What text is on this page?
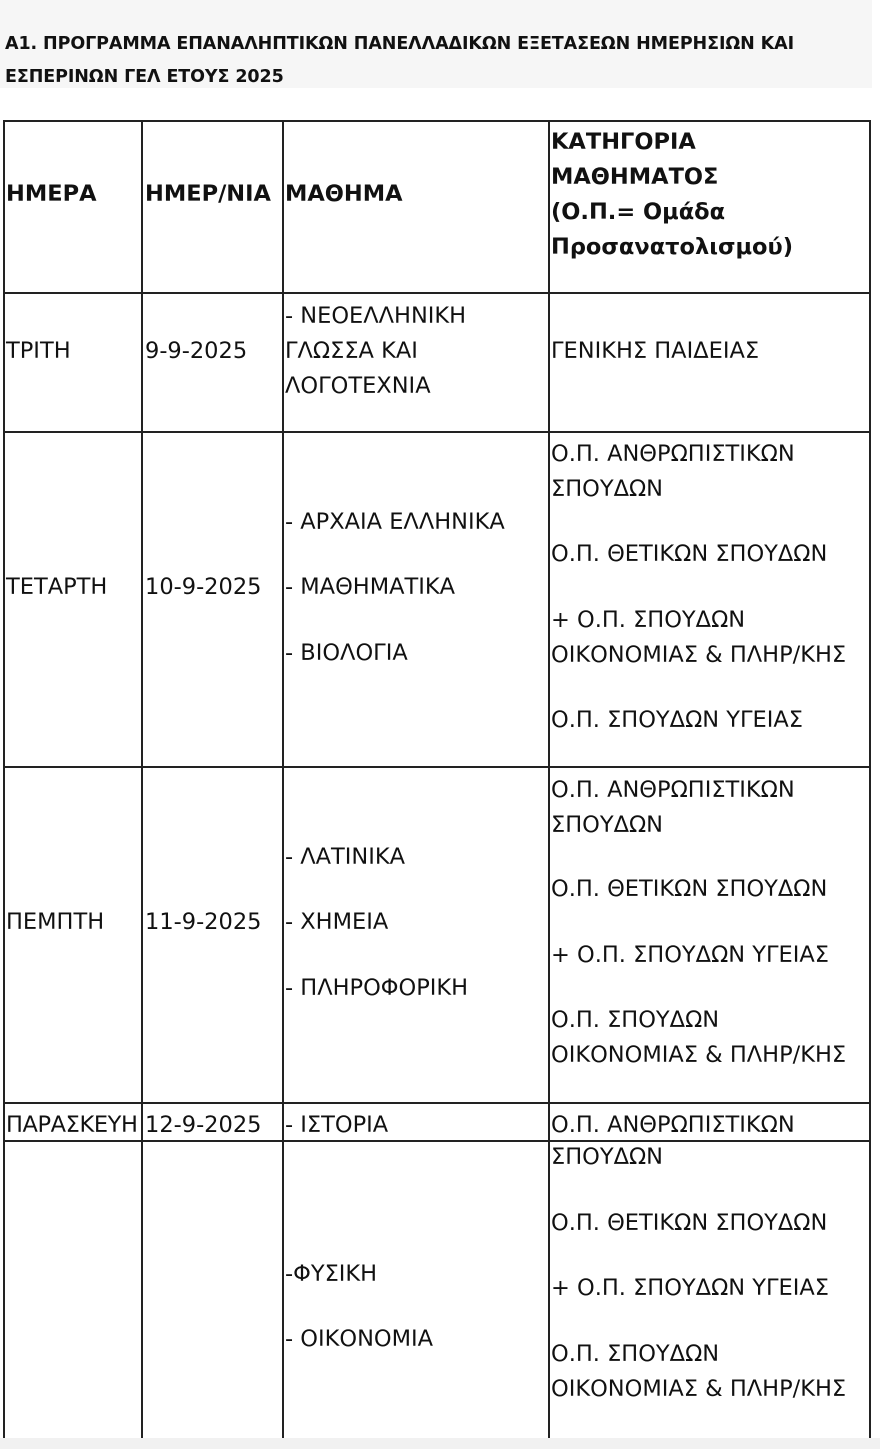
Α1. ΠΡΟΓΡΑΜΜΑ ΕΠΑΝΑΛΗΠΤΙΚΩΝ ΠΑΝΕΛΛΑΔΙΚΩΝ ΕΞΕΤΑΣΕΩΝ ΗΜΕΡΗΣΙΩΝ ΚΑΙ ΕΣΠΕΡΙΝΩΝ ΓΕΛ ΕΤΟΥΣ 2025
ΗΜΕΡΑ ΗΜΕΡ/ΝΙΑ ΜΑΘΗΜΑ
ΚΑΤΗΓΟΡΙΑ
ΜΑΘΗΜΑΤΟΣ
(Ο.Π.= Ομάδα
Προσανατολισμού)
ΤΡΙΤΗ	9-9-2025
- ΝΕΟΕΛΛΗΝΙΚΗ
ΓΛΩΣΣΑ ΚΑΙ
ΛΟΓΟΤΕΧΝΙΑ
ΓΕΝΙΚΗΣ ΠΑΙΔΕΙΑΣ
ΤΕΤΑΡΤΗ 10-9-2025
- ΑΡΧΑΙΑ ΕΛΛΗΝΙΚΑ
- ΜΑΘΗΜΑΤΙΚΑ
- ΒΙΟΛΟΓΙΑ
Ο.Π. ΑΝΘΡΩΠΙΣΤΙΚΩΝ
ΣΠΟΥΔΩΝ
Ο.Π. ΘΕΤΙΚΩΝ ΣΠΟΥΔΩΝ
+ Ο.Π. ΣΠΟΥΔΩΝ
ΟΙΚΟΝΟΜΙΑΣ & ΠΛΗΡ/ΚΗΣ
Ο.Π. ΣΠΟΥΔΩΝ ΥΓΕΙΑΣ
ΠΕΜΠΤΗ 11-9-2025
- ΛΑΤΙΝΙΚΑ
- ΧΗΜΕΙΑ
- ΠΛΗΡΟΦΟΡΙΚΗ
Ο.Π. ΑΝΘΡΩΠΙΣΤΙΚΩΝ
ΣΠΟΥΔΩΝ
Ο.Π. ΘΕΤΙΚΩΝ ΣΠΟΥΔΩΝ
+ Ο.Π. ΣΠΟΥΔΩΝ ΥΓΕΙΑΣ
Ο.Π. ΣΠΟΥΔΩΝ
ΟΙΚΟΝΟΜΙΑΣ & ΠΛΗΡ/ΚΗΣ
ΠΑΡΑΣΚΕΥΗ 12-9-2025 - ΙΣΤΟΡΙΑ
-ΦΥΣΙΚΗ
- ΟΙΚΟΝΟΜΙΑ
Ο.Π. ΑΝΘΡΩΠΙΣΤΙΚΩΝ
ΣΠΟΥΔΩΝ
Ο.Π. ΘΕΤΙΚΩΝ ΣΠΟΥΔΩΝ
+ Ο.Π. ΣΠΟΥΔΩΝ ΥΓΕΙΑΣ
Ο.Π. ΣΠΟΥΔΩΝ
ΟΙΚΟΝΟΜΙΑΣ & ΠΛΗΡ/ΚΗΣ
